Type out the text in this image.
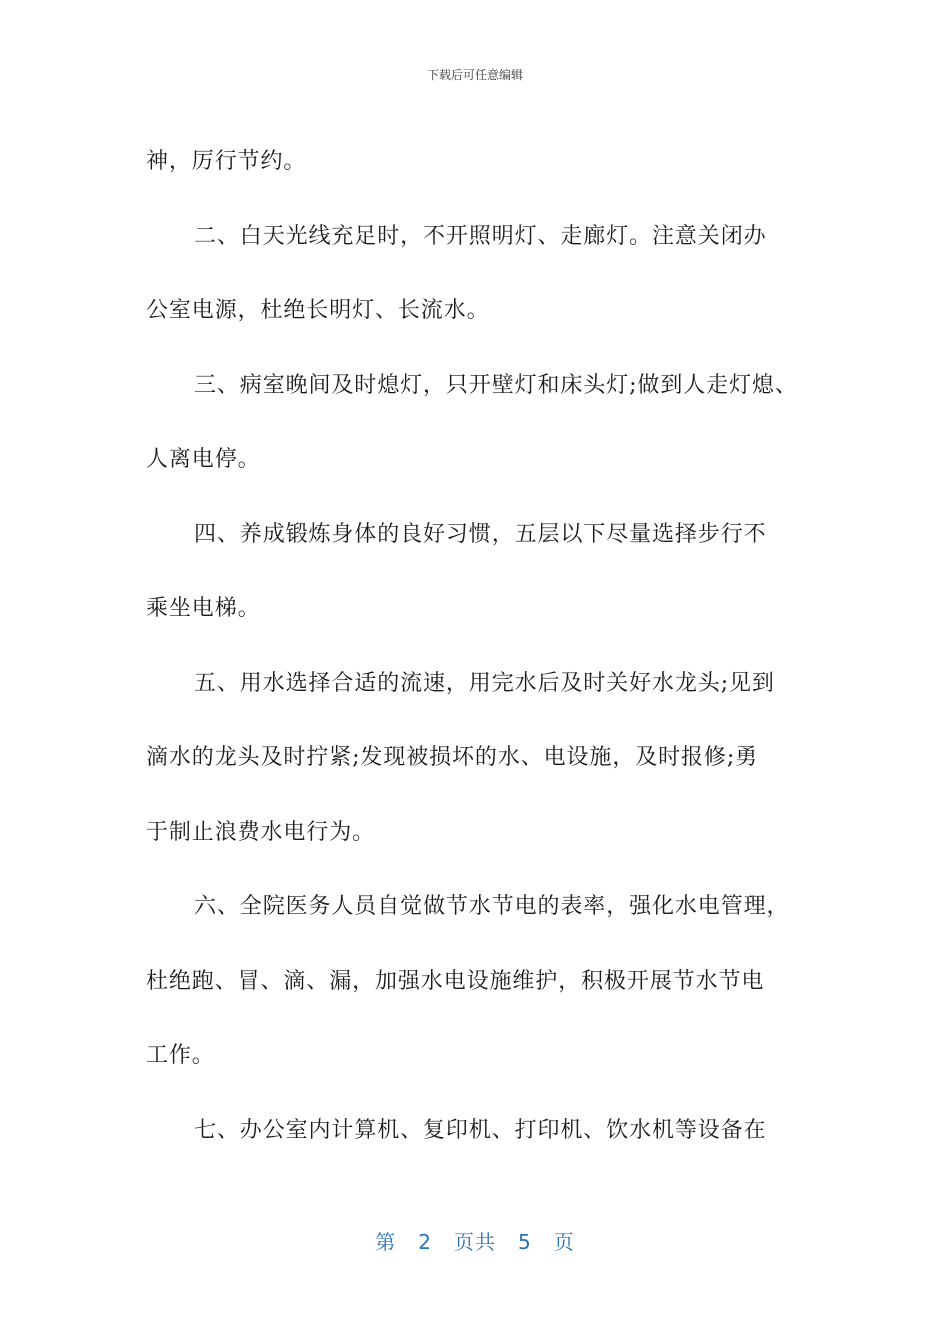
下载后可任意编辑
神，厉行节约。
二、白天光线充足时，不开照明灯、走廊灯。注意关闭办
公室电源，杜绝长明灯、长流水。
三、病室晚间及时熄灯，只开壁灯和床头灯;做到人走灯熄、
人离电停。
四、养成锻炼身体的良好习惯，五层以下尽量选择步行不
乘坐电梯。
五、用水选择合适的流速，用完水后及时关好水龙头;见到
滴水的龙头及时拧紧;发现被损坏的水、电设施，及时报修;勇
于制止浪费水电行为。
六、全院医务人员自觉做节水节电的表率，强化水电管理，
杜绝跑、冒、滴、漏，加强水电设施维护，积极开展节水节电
工作。
七、办公室内计算机、复印机、打印机、饮水机等设备在
第 2 页共 5 页
